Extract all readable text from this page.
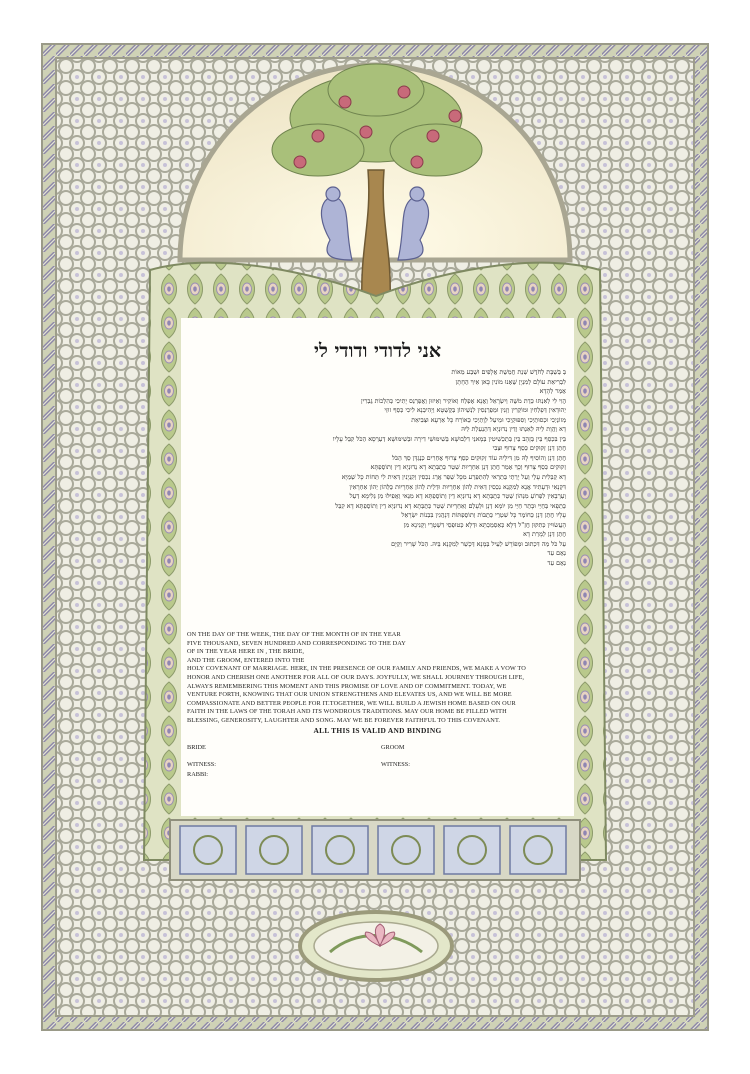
אני לדודי ודודי לי
בְּ בְּשַׁבָּת לְחֹדֶשׁ שְׁנַת חֲמֵשֶׁת אֲלָפִים וּשְׁבַע מֵאוֹת
לִבְרִיאַת עוֹלָם לְמִנְיָן שֶׁאָנוּ מוֹנִין כָּאן אֵיךְ הֶחָתָן
אָמַר לְהָדָא
הֲוִי לִי לְאִנְתּוּ כְּדַת מֹשֶׁה וְיִשְׂרָאֵל וַאֲנָא אֶפְלַח וְאוֹקִיר וְאֵיזוּן וַאֲפַרְנֵס יָתִיכִי כְּהִלְכוֹת גֻּבְרִין
יְהוּדָאִין דְּפָלְחִין וּמוֹקְרִין וְזָנִין וּמְפַרְנְסִין לִנְשֵׁיהוֹן בְּקֻשְׁטָא וְיָהִיבְנָא לִיכִי כְּסַף זוּזֵי
מְזוֹנַיְכִי וּכְסוּתַיְכִי וְסִפּוּקַיְכִי וּמֵיעַל לְוָתַיְכִי כְּאוֹרַח כָּל אַרְעָא וּצְבִיאַת
דָא וַהֲוָת לֵיהּ לְאִנְתּוּ וְדֵין נְדוּנְיָא דְּהַנְעֵלַת לֵיהּ
בֵּין בִּכְסַף בֵּין בְּזָהָב בֵּין בְּתַכְשִׁיטִין בְּמָאנֵי דִלְבוּשָׁא בְּשִׁימּוּשֵׁי דִירָה וּבְשִׁימּוּשָׁא דְעַרְסָא הַכֹּל קִבֵּל עָלָיו
חֲתַן דְּנָן זְקוּקִים כְּסַף צָרוּף וּצְבִי
חֲתַן דְּנָן וְהוֹסִיף לָהּ מִן דִּילֵיהּ עוֹד זְקוּקִים כְּסַף צָרוּף אֲחֵרִים כְּנֶגְדָּן סַךְ הַכֹּל
זְקוּקִים כְּסַף צָרוּף וְכָךְ אָמַר חֲתַן דְּנָן אַחְרָיוּת שְׁטַר כְּתֻבְּתָא דָא נְדוּנְיָא דֵין וְתוֹסֶפְתָּא
דָא קַבְּלִית עָלַי וְעַל יָרְתַי בַּתְרַאי לְהִתְפְּרַע מִכָּל שְׁפַר אֲרַג נִכְסִין וְקִנְיָנִין דְּאִית לִי תְּחוֹת כָּל שְׁמַיָּא
דִּקְנָאִי וּדְעָתִיד אֲנָא לְמִקְנֵא נִכְסִין דְּאִית לְהוֹן אַחְרָיוּת וּדְלֵית לְהוֹן אַחְרָיוּת כֻּלְּהוֹן יְהוֹן אַחְרָאִין
וְעַרְבָאִין לִפְרוֹעַ מִנְּהוֹן שְׁטַר כְּתֻבְּתָא דָא נְדוּנְיָא דֵין וְתוֹסֶפְתָּא דָא מִנַּאי וַאֲפִילּוּ מִן גְּלִימָא דְעַל
כַּתְפָאי בְּחַיַּי וּבָתַר חַיַּי מִן יוֹמָא דְנָן וּלְעָלַם וְאַחְרָיוּת שְׁטַר כְּתֻבְּתָא דָא נְדוּנְיָא דֵין וְתוֹסֶפְתָּא דָא קִבֵּל
עָלָיו חֲתַן דְּנָן כְּחוֹמֶר כָּל שִׁטְרֵי כְּתֻבּוֹת וְתוֹסֶפְתּוֹת דְּנָהֲגִין בִּבְנוֹת יִשְׂרָאֵל
הָעֲשׂוּיִין כְּתִקּוּן חֲזַ"ל דְּלָא כְּאַסְמַכְתָּא וּדְלָא כְּטוּפְסֵי דִשְׁטָרֵי וְקָנִינָא מִן
חֲתַן דְּנָן לְמָרַת דָא
עַל כֹּל מַה דִּכְתוּב וּמְפוֹרָשׁ לְעֵיל בְּמָנָא דְּכָשֵׁר לְמִקְנָא בֵּיהּ. הַכֹּל שָׁרִיר וְקַיָּם
נְאֻם עֵד
נְאֻם עֵד
ON THE DAY OF THE WEEK, THE DAY OF THE MONTH OF IN THE YEAR
FIVE THOUSAND, SEVEN HUNDRED AND CORRESPONDING TO THE DAY
OF IN THE YEAR HERE IN , THE BRIDE,
AND THE GROOM, ENTERED INTO THE
HOLY COVENANT OF MARRIAGE. HERE, IN THE PRESENCE OF OUR FAMILY AND FRIENDS, WE MAKE A VOW TO
HONOR AND CHERISH ONE ANOTHER FOR ALL OF OUR DAYS. JOYFULLY, WE SHALL JOURNEY THROUGH LIFE,
ALWAYS REMEMBERING THIS MOMENT AND THIS PROMISE OF LOVE AND OF COMMITMENT. TODAY, WE
VENTURE FORTH, KNOWING THAT OUR UNION STRENGTHENS AND ELEVATES US, AND WE WILL BE MORE
COMPASSIONATE AND BETTER PEOPLE FOR IT.TOGETHER, WE WILL BUILD A JEWISH HOME BASED ON OUR
FAITH IN THE LAWS OF THE TORAH AND ITS WONDROUS TRADITIONS. MAY OUR HOME BE FILLED WITH
BLESSING, GENEROSITY, LAUGHTER AND SONG. MAY WE BE FOREVER FAITHFUL TO THIS COVENANT.
ALL THIS IS VALID AND BINDING
BRIDE	GROOM
WITNESS:	WITNESS:
RABBI:
